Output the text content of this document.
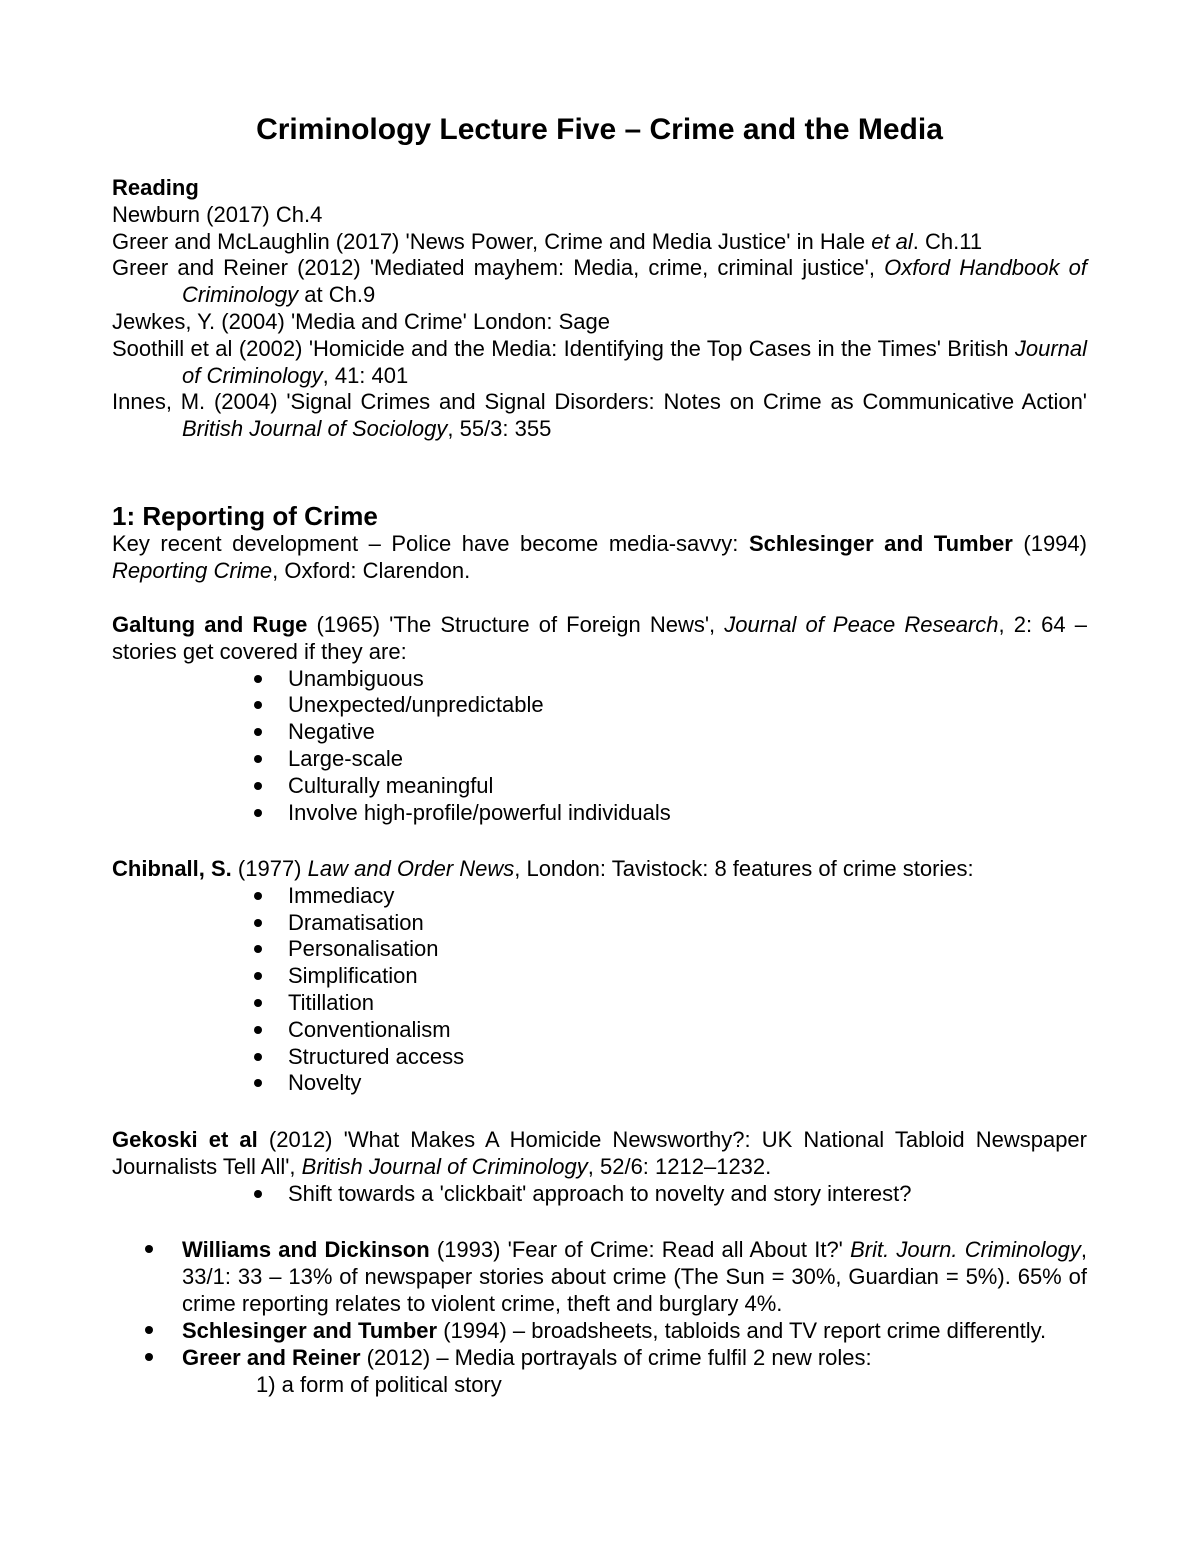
Criminology Lecture Five – Crime and the Media

Reading

Newburn (2017) Ch.4

Greer and McLaughlin (2017) 'News Power, Crime and Media Justice' in Hale et al. Ch.11

Greer and Reiner (2012) 'Mediated mayhem: Media, crime, criminal justice', Oxford Handbook of Criminology at Ch.9

Jewkes, Y. (2004) 'Media and Crime' London: Sage

Soothill et al (2002) 'Homicide and the Media: Identifying the Top Cases in the Times' British Journal of Criminology, 41: 401

Innes, M. (2004) 'Signal Crimes and Signal Disorders: Notes on Crime as Communicative Action' British Journal of Sociology, 55/3: 355

1: Reporting of Crime

Key recent development – Police have become media-savvy: Schlesinger and Tumber (1994) Reporting Crime, Oxford: Clarendon.

Galtung and Ruge (1965) 'The Structure of Foreign News', Journal of Peace Research, 2: 64 – stories get covered if they are:

Unambiguous
Unexpected/unpredictable
Negative
Large-scale
Culturally meaningful
Involve high-profile/powerful individuals

Chibnall, S. (1977) Law and Order News, London: Tavistock: 8 features of crime stories:

Immediacy
Dramatisation
Personalisation
Simplification
Titillation
Conventionalism
Structured access
Novelty

Gekoski et al (2012) 'What Makes A Homicide Newsworthy?: UK National Tabloid Newspaper Journalists Tell All', British Journal of Criminology, 52/6: 1212–1232.

Shift towards a 'clickbait' approach to novelty and story interest?
Williams and Dickinson (1993) 'Fear of Crime: Read all About It?' Brit. Journ. Criminology, 33/1: 33 – 13% of newspaper stories about crime (The Sun = 30%, Guardian = 5%). 65% of crime reporting relates to violent crime, theft and burglary 4%.
Schlesinger and Tumber (1994) – broadsheets, tabloids and TV report crime differently.
Greer and Reiner (2012) – Media portrayals of crime fulfil 2 new roles:
1) a form of political story
